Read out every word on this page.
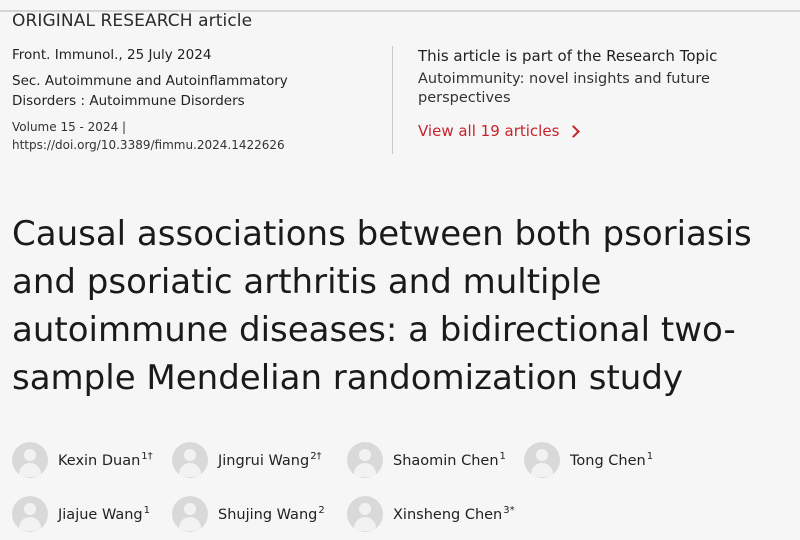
ORIGINAL RESEARCH article
Front. Immunol., 25 July 2024
Sec. Autoimmune and Autoinflammatory
Disorders : Autoimmune Disorders
Volume 15 - 2024 |
https://doi.org/10.3389/fimmu.2024.1422626
This article is part of the Research Topic
Autoimmunity: novel insights and future
perspectives
View all 19 articles
Causal associations between both psoriasis
and psoriatic arthritis and multiple
autoimmune diseases: a bidirectional two-
sample Mendelian randomization study
Kexin Duan$^{1\dagger}$	Jingrui Wang$^{2\dagger}$	Shaomin Chen$^1$	Tong Chen$^1$
Jiajue Wang$^1$	Shujing Wang$^2$	Xinsheng Chen$^{3*}$
